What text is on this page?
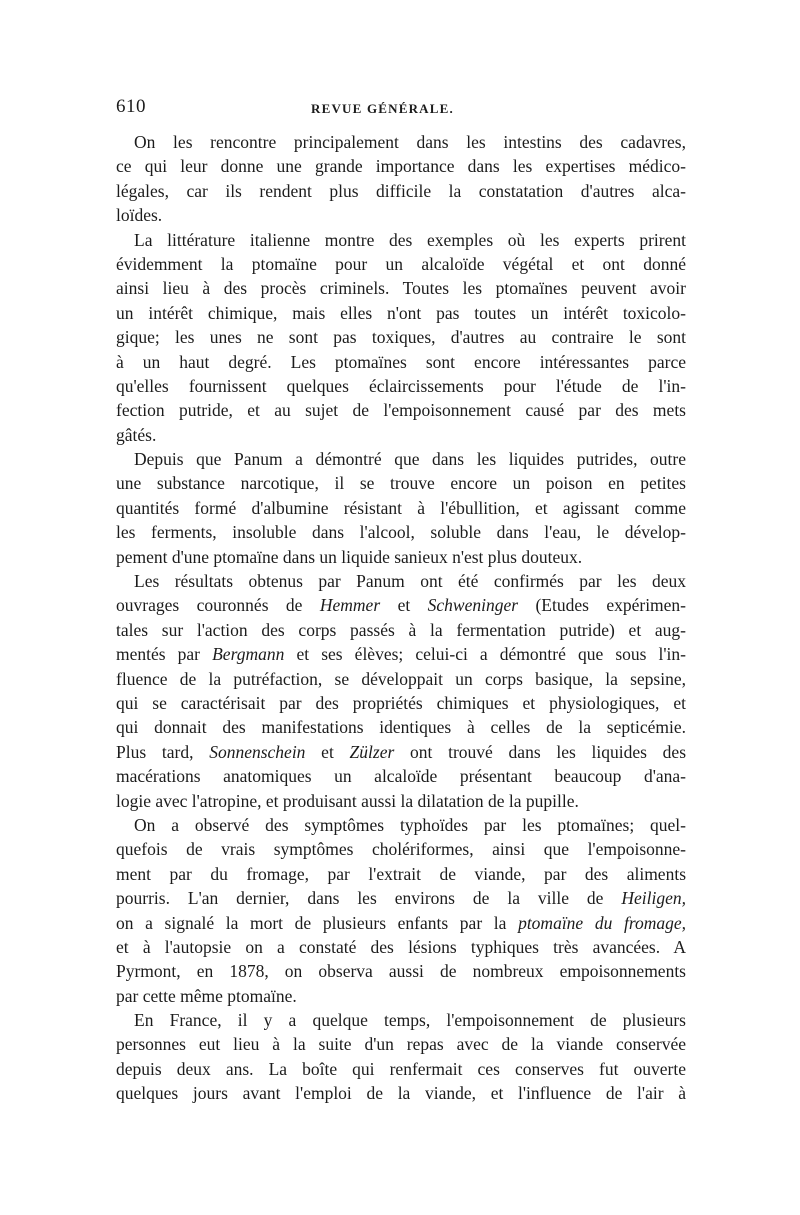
610	REVUE GÉNÉRALE.
On les rencontre principalement dans les intestins des cadavres,
ce qui leur donne une grande importance dans les expertises médico-
légales, car ils rendent plus difficile la constatation d'autres alca-
loïdes.
La littérature italienne montre des exemples où les experts prirent
évidemment la ptomaïne pour un alcaloïde végétal et ont donné
ainsi lieu à des procès criminels. Toutes les ptomaïnes peuvent avoir
un intérêt chimique, mais elles n'ont pas toutes un intérêt toxicolo-
gique; les unes ne sont pas toxiques, d'autres au contraire le sont
à un haut degré. Les ptomaïnes sont encore intéressantes parce
qu'elles fournissent quelques éclaircissements pour l'étude de l'in-
fection putride, et au sujet de l'empoisonnement causé par des mets
gâtés.
Depuis que Panum a démontré que dans les liquides putrides, outre
une substance narcotique, il se trouve encore un poison en petites
quantités formé d'albumine résistant à l'ébullition, et agissant comme
les ferments, insoluble dans l'alcool, soluble dans l'eau, le dévelop-
pement d'une ptomaïne dans un liquide sanieux n'est plus douteux.
Les résultats obtenus par Panum ont été confirmés par les deux
ouvrages couronnés de Hemmer et Schweninger (Etudes expérimen-
tales sur l'action des corps passés à la fermentation putride) et aug-
mentés par Bergmann et ses élèves; celui-ci a démontré que sous l'in-
fluence de la putréfaction, se développait un corps basique, la sepsine,
qui se caractérisait par des propriétés chimiques et physiologiques, et
qui donnait des manifestations identiques à celles de la septicémie.
Plus tard, Sonnenschein et Zülzer ont trouvé dans les liquides des
macérations anatomiques un alcaloïde présentant beaucoup d'ana-
logie avec l'atropine, et produisant aussi la dilatation de la pupille.
On a observé des symptômes typhoïdes par les ptomaïnes; quel-
quefois de vrais symptômes cholériformes, ainsi que l'empoisonne-
ment par du fromage, par l'extrait de viande, par des aliments
pourris. L'an dernier, dans les environs de la ville de Heiligen,
on a signalé la mort de plusieurs enfants par la ptomaïne du fromage,
et à l'autopsie on a constaté des lésions typhiques très avancées. A
Pyrmont, en 1878, on observa aussi de nombreux empoisonnements
par cette même ptomaïne.
En France, il y a quelque temps, l'empoisonnement de plusieurs
personnes eut lieu à la suite d'un repas avec de la viande conservée
depuis deux ans. La boîte qui renfermait ces conserves fut ouverte
quelques jours avant l'emploi de la viande, et l'influence de l'air à
